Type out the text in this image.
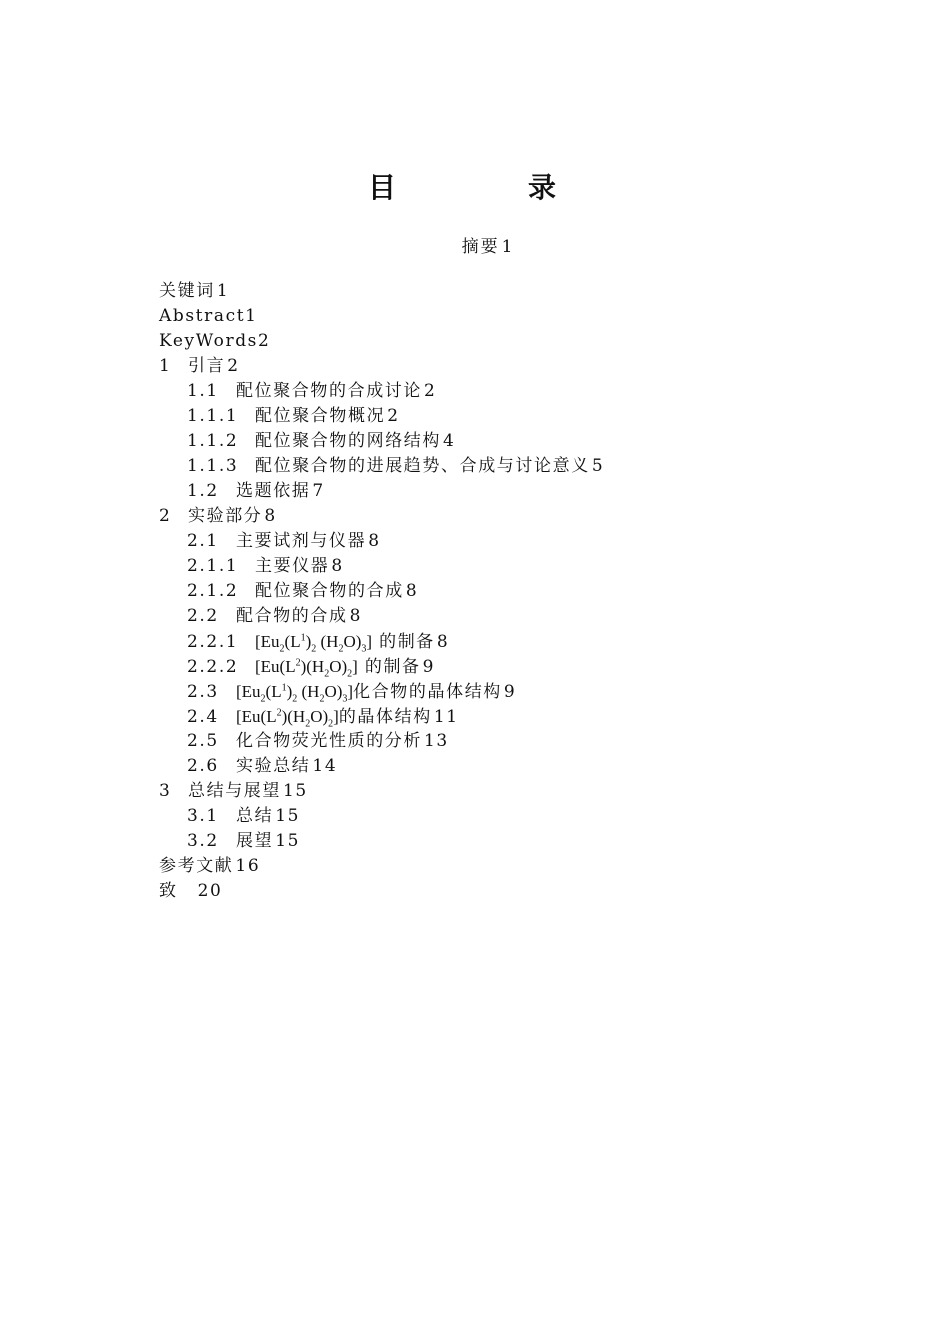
目　录
摘要 1
关键词 1
Abstract1
KeyWords2
1 引言 2
1.1 配位聚合物的合成讨论 2
1.1.1 配位聚合物概况 2
1.1.2 配位聚合物的网络结构 4
1.1.3 配位聚合物的进展趋势、合成与讨论意义 5
1.2 选题依据 7
2 实验部分 8
2.1 主要试剂与仪器 8
2.1.1 主要仪器 8
2.1.2 配位聚合物的合成 8
2.2 配合物的合成 8
2.2.1 [$Eu_2(L^1)_2$ $(H_2O)_3$] 的制备 8
2.2.2 $[Eu(L^2)(H_2O)_2]$ 的制备 9
2.3 [$Eu_2(L^1)_2$ $(H_2O)_3$]化合物的晶体结构 9
2.4 $[Eu(L^2)(H_2O)_2]$的晶体结构 11
2.5 化合物荧光性质的分析 13
2.6 实验总结 14
3 总结与展望 15
3.1 总结 15
3.2 展望 15
参考文献 16
致 20
